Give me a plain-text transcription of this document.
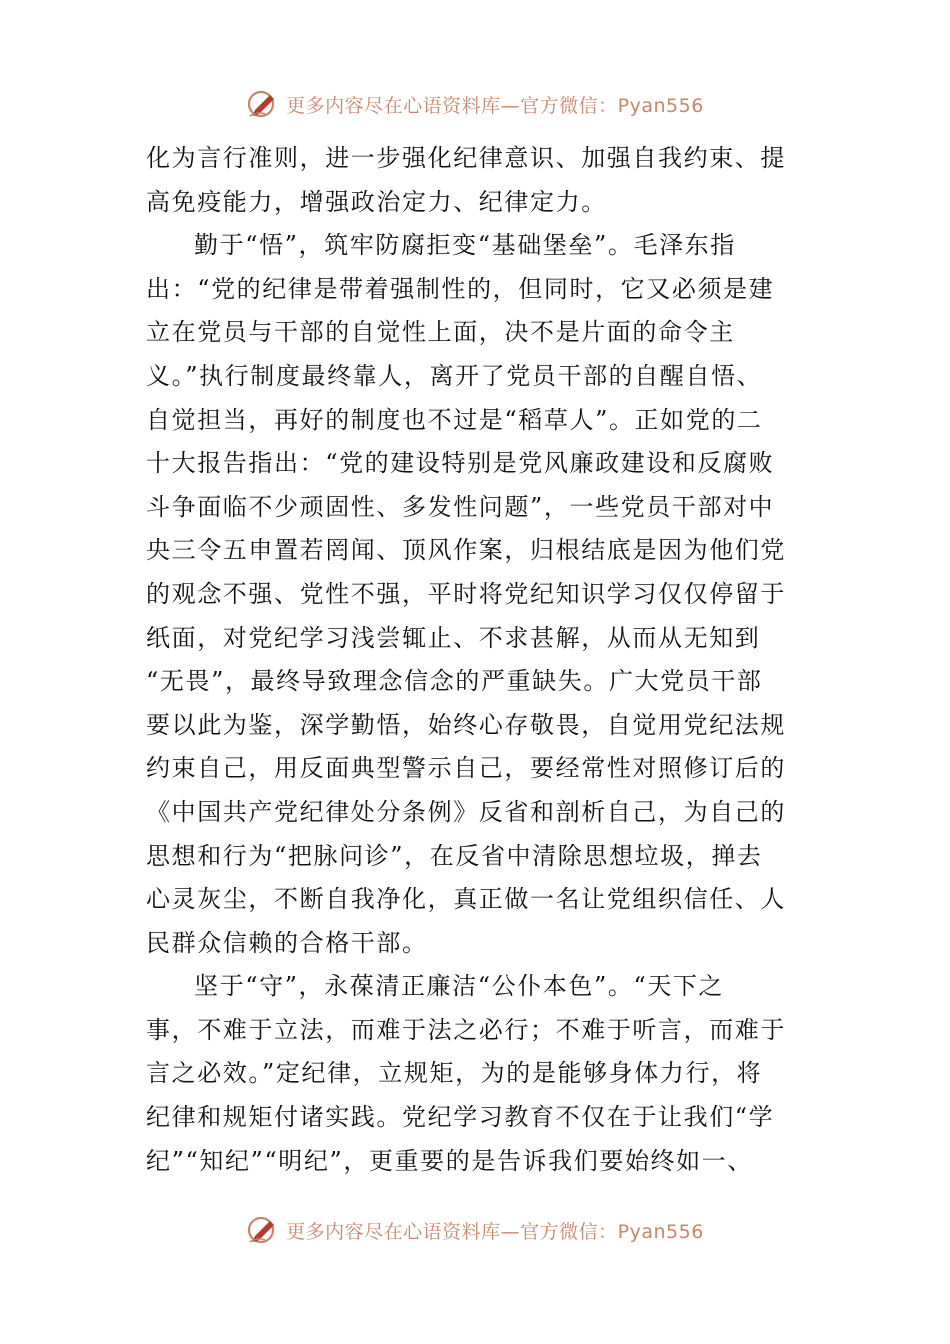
更多内容尽在心语资料库—官方微信：Pyan556
化为言行准则，进一步强化纪律意识、加强自我约束、提
高免疫能力，增强政治定力、纪律定力。
勤于“悟”，筑牢防腐拒变“基础堡垒”。毛泽东指
出：“党的纪律是带着强制性的，但同时，它又必须是建
立在党员与干部的自觉性上面，决不是片面的命令主
义。”执行制度最终靠人，离开了党员干部的自醒自悟、
自觉担当，再好的制度也不过是“稻草人”。正如党的二
十大报告指出：“党的建设特别是党风廉政建设和反腐败
斗争面临不少顽固性、多发性问题”，一些党员干部对中
央三令五申置若罔闻、顶风作案，归根结底是因为他们党
的观念不强、党性不强，平时将党纪知识学习仅仅停留于
纸面，对党纪学习浅尝辄止、不求甚解，从而从无知到
“无畏”，最终导致理念信念的严重缺失。广大党员干部
要以此为鉴，深学勤悟，始终心存敬畏，自觉用党纪法规
约束自己，用反面典型警示自己，要经常性对照修订后的
《中国共产党纪律处分条例》反省和剖析自己，为自己的
思想和行为“把脉问诊”，在反省中清除思想垃圾，掸去
心灵灰尘，不断自我净化，真正做一名让党组织信任、人
民群众信赖的合格干部。
坚于“守”，永葆清正廉洁“公仆本色”。“天下之
事，不难于立法，而难于法之必行；不难于听言，而难于
言之必效。”定纪律，立规矩，为的是能够身体力行，将
纪律和规矩付诸实践。党纪学习教育不仅在于让我们“学
纪”“知纪”“明纪”，更重要的是告诉我们要始终如一、
更多内容尽在心语资料库—官方微信：Pyan556
